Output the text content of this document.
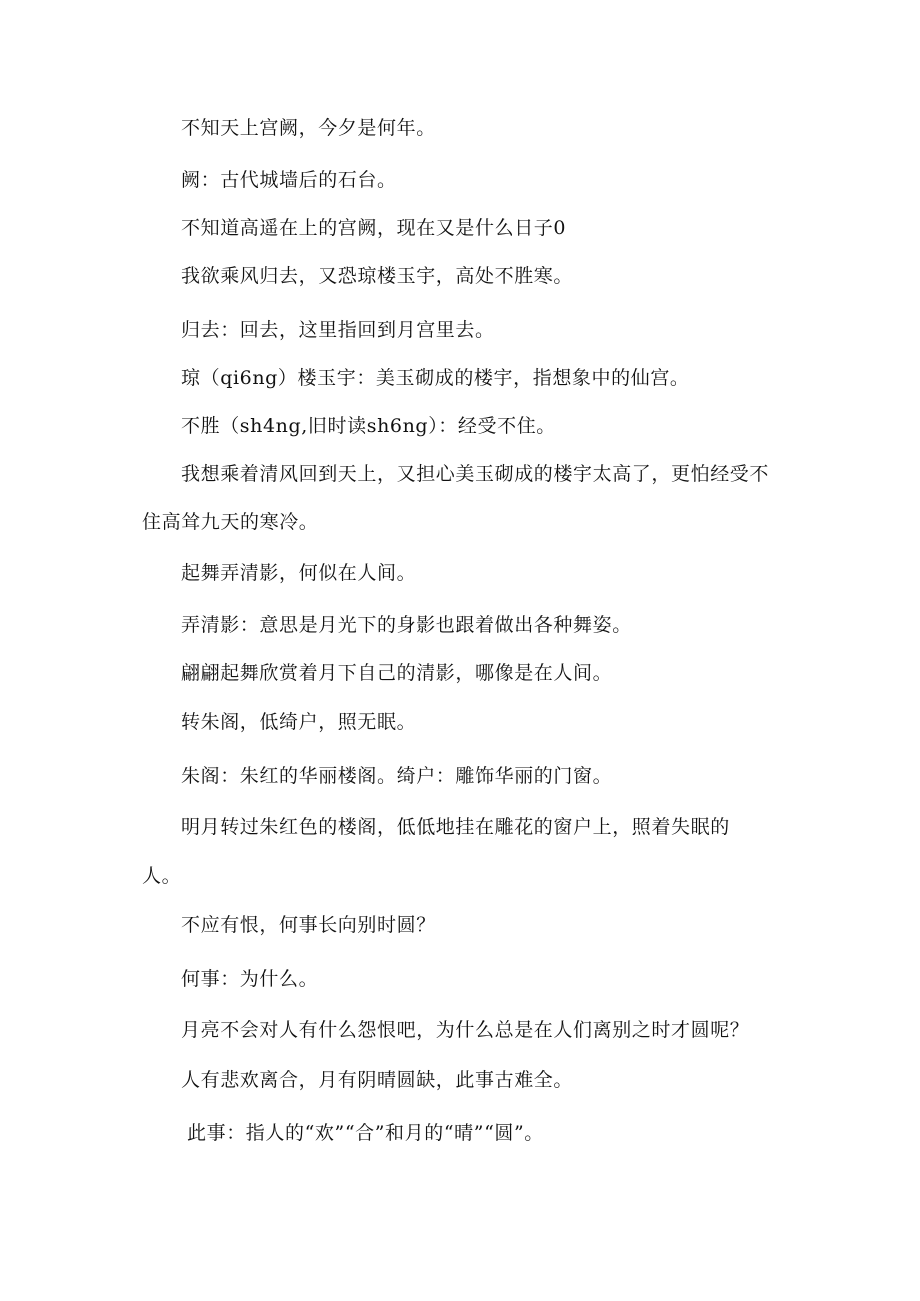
不知天上宫阙，今夕是何年。
阙：古代城墙后的石台。
不知道高遥在上的宫阙，现在又是什么日子0
我欲乘风归去，又恐琼楼玉宇，高处不胜寒。
归去：回去，这里指回到月宫里去。
琼（qi6ng）楼玉宇：美玉砌成的楼宇，指想象中的仙宫。
不胜（sh4ng,旧时读sh6ng）：经受不住。
我想乘着清风回到天上，又担心美玉砌成的楼宇太高了，更怕经受不
住高耸九天的寒冷。
起舞弄清影，何似在人间。
弄清影：意思是月光下的身影也跟着做出各种舞姿。
翩翩起舞欣赏着月下自己的清影，哪像是在人间。
转朱阁，低绮户，照无眠。
朱阁：朱红的华丽楼阁。绮户：雕饰华丽的门窗。
明月转过朱红色的楼阁，低低地挂在雕花的窗户上，照着失眠的
人。
不应有恨，何事长向别时圆？
何事：为什么。
月亮不会对人有什么怨恨吧，为什么总是在人们离别之时才圆呢？
人有悲欢离合，月有阴晴圆缺，此事古难全。
此事：指人的“欢”“合”和月的“晴”“圆”。
